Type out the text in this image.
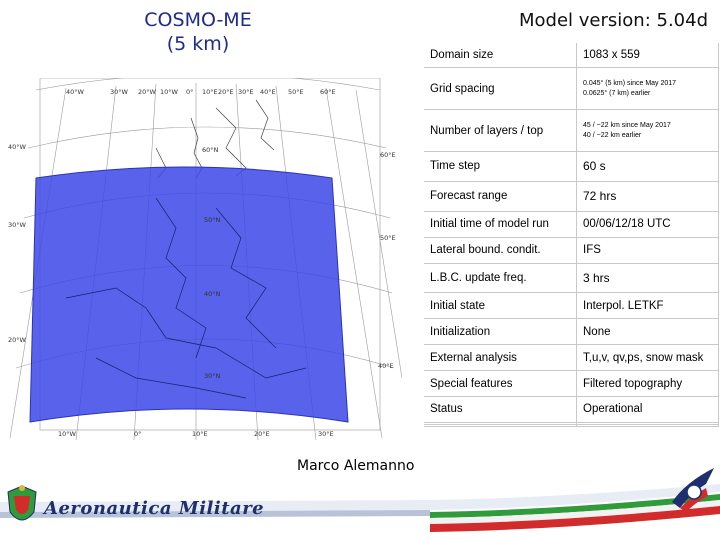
COSMO-ME
(5 km)
Model version: 5.04d
40°W	30°W 20°W 10°W 0° 10°E 20°E 30°E 40°E 50°E	60°E
40°W
30°W
20°W
60°E
50°E
40°E
60°N
50°N
40°N
30°N
10°W	0°	10°E	20°E	30°E
Marco Alemanno
Domain size	1083 x 559
Grid spacing	0.045° (5 km) since May 2017
0.0625° (7 km) earlier
Number of layers / top	45 / ~22 km since May 2017
40 / ~22 km earlier
Time step	60 s
Forecast range	72 hrs
Initial time of model run	00/06/12/18 UTC
Lateral bound. condit.	IFS
L.B.C. update freq.	3 hrs
Initial state	Interpol. LETKF
Initialization	None
External analysis	T,u,v, qv,ps, snow mask
Special features	Filtered topography
Status	Operational

Aeronautica Militare
